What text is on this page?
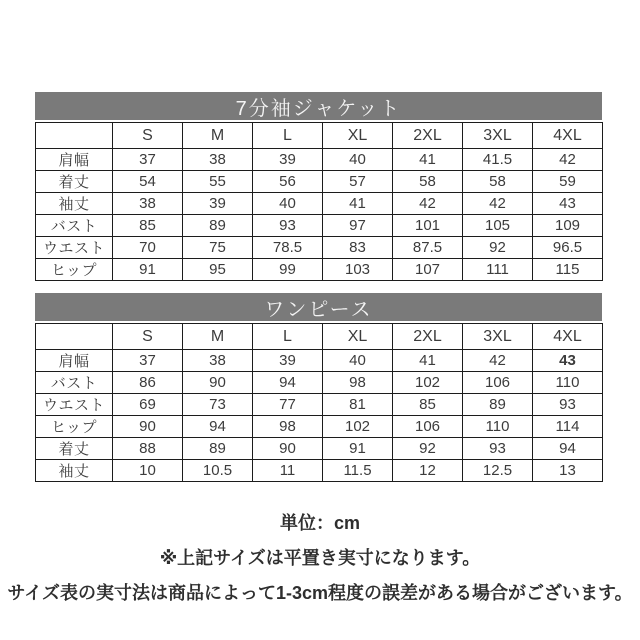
7分袖ジャケット
	S	M	L	XL	2XL	3XL	4XL
肩幅	37	38	39	40	41	41.5	42
着丈	54	55	56	57	58	58	59
袖丈	38	39	40	41	42	42	43
バスト	85	89	93	97	101	105	109
ウエスト	70	75	78.5	83	87.5	92	96.5
ヒップ	91	95	99	103	107	111	115
ワンピース
	S	M	L	XL	2XL	3XL	4XL
肩幅	37	38	39	40	41	42	43
バスト	86	90	94	98	102	106	110
ウエスト	69	73	77	81	85	89	93
ヒップ	90	94	98	102	106	110	114
着丈	88	89	90	91	92	93	94
袖丈	10	10.5	11	11.5	12	12.5	13
単位：cm
※上記サイズは平置き実寸になります。
サイズ表の実寸法は商品によって1-3cm程度の誤差がある場合がございます。
